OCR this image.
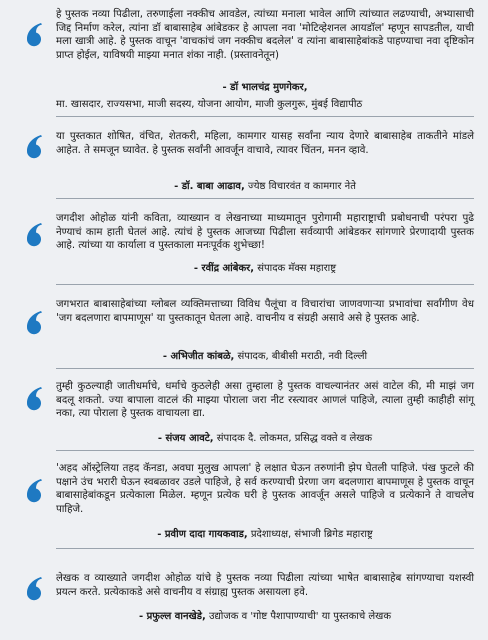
हे पुस्तक नव्या पिढीला, तरुणाईला नक्कीच आवडेल, त्यांच्या मनाला भावेल आणि त्यांच्यात लढण्याची, अभ्यासाची जिद्द निर्माण करेल, त्यांना डॉ बाबासाहेब आंबेडकर हे आपला नवा 'मोटिव्हेशनल आयडॉल' म्हणून सापडतील, याची मला खात्री आहे. हे पुस्तक वाचून 'वाचकांचं जग नक्कीच बदलेल' व त्यांना बाबासाहेबांकडे पाहण्याचा नवा दृष्टिकोन प्राप्त होईल, याविषयी माझ्या मनात शंका नाही. (प्रस्तावनेतून)
- डॉ भालचंद्र मुणगेकर,
मा. खासदार, राज्यसभा, माजी सदस्य, योजना आयोग, माजी कुलगुरू, मुंबई विद्यापीठ
या पुस्तकात शोषित, वंचित, शेतकरी, महिला, कामगार यासह सर्वांना न्याय देणारे बाबासाहेब ताकतीने मांडले आहेत. ते समजून घ्यावेत. हे पुस्तक सर्वांनी आवर्जून वाचावे, त्यावर चिंतन, मनन व्हावे.
- डॉ. बाबा आढाव, ज्येष्ठ विचारवंत व कामगार नेते
जगदीश ओहोळ यांनी कविता, व्याख्यान व लेखनाच्या माध्यमातून पुरोगामी महाराष्ट्राची प्रबोधनाची परंपरा पुढे नेण्याचं काम हाती घेतलं आहे. त्यांचं हे पुस्तक आजच्या पिढीला सर्वव्यापी आंबेडकर सांगणारे प्रेरणादायी पुस्तक आहे. त्यांच्या या कार्याला व पुस्तकाला मनःपूर्वक शुभेच्छा!
- रवींद्र आंबेकर, संपादक मॅक्स महाराष्ट्र
जगभरात बाबासाहेबांच्या ग्लोबल व्यक्तिमत्ताच्या विविध पैलूंचा व विचारांचा जाणवणाऱ्या प्रभावांचा सर्वांगीण वेध 'जग बदलणारा बापमाणूस' या पुस्तकातून घेतला आहे. वाचनीय व संग्रही असावे असे हे पुस्तक आहे.
- अभिजीत कांबळे, संपादक, बीबीसी मराठी, नवी दिल्ली
तुम्ही कुठल्याही जातीधर्माचे, धर्माचे कुठलेही असा तुम्हाला हे पुस्तक वाचल्यानंतर असं वाटेल की, मी माझं जग बदलू शकतो. ज्या बापाला वाटलं की माझ्या पोराला जरा नीट रस्त्यावर आणलं पाहिजे, त्याला तुम्ही काहीही सांगू नका, त्या पोराला हे पुस्तक वाचायला द्या.
- संजय आवटे, संपादक दै. लोकमत, प्रसिद्ध वक्ते व लेखक
'अहद ऑस्ट्रेलिया तहद कॅनडा, अवघा मुलुख आपला' हे लक्षात घेऊन तरुणांनी झेप घेतली पाहिजे. पंख फुटले की पक्षाने उंच भरारी घेऊन स्वबळावर उडले पाहिजे, हे सर्व करण्याची प्रेरणा जग बदलणारा बापमाणूस हे पुस्तक वाचून बाबासाहेबांकडून प्रत्येकाला मिळेल. म्हणून प्रत्येक घरी हे पुस्तक आवर्जून असले पाहिजे व प्रत्येकाने ते वाचलेच पाहिजे.
- प्रवीण दादा गायकवाड, प्रदेशाध्यक्ष, संभाजी ब्रिगेड महाराष्ट्र
लेखक व व्याख्याते जगदीश ओहोळ यांचे हे पुस्तक नव्या पिढीला त्यांच्या भाषेत बाबासाहेब सांगण्याचा यशस्वी प्रयत्न करते. प्रत्येकाकडे असे वाचनीय व संग्राह्य पुस्तक असायला हवे.
- प्रफुल्ल वानखेडे, उद्योजक व 'गोष्ट पैशापाण्याची' या पुस्तकाचे लेखक
